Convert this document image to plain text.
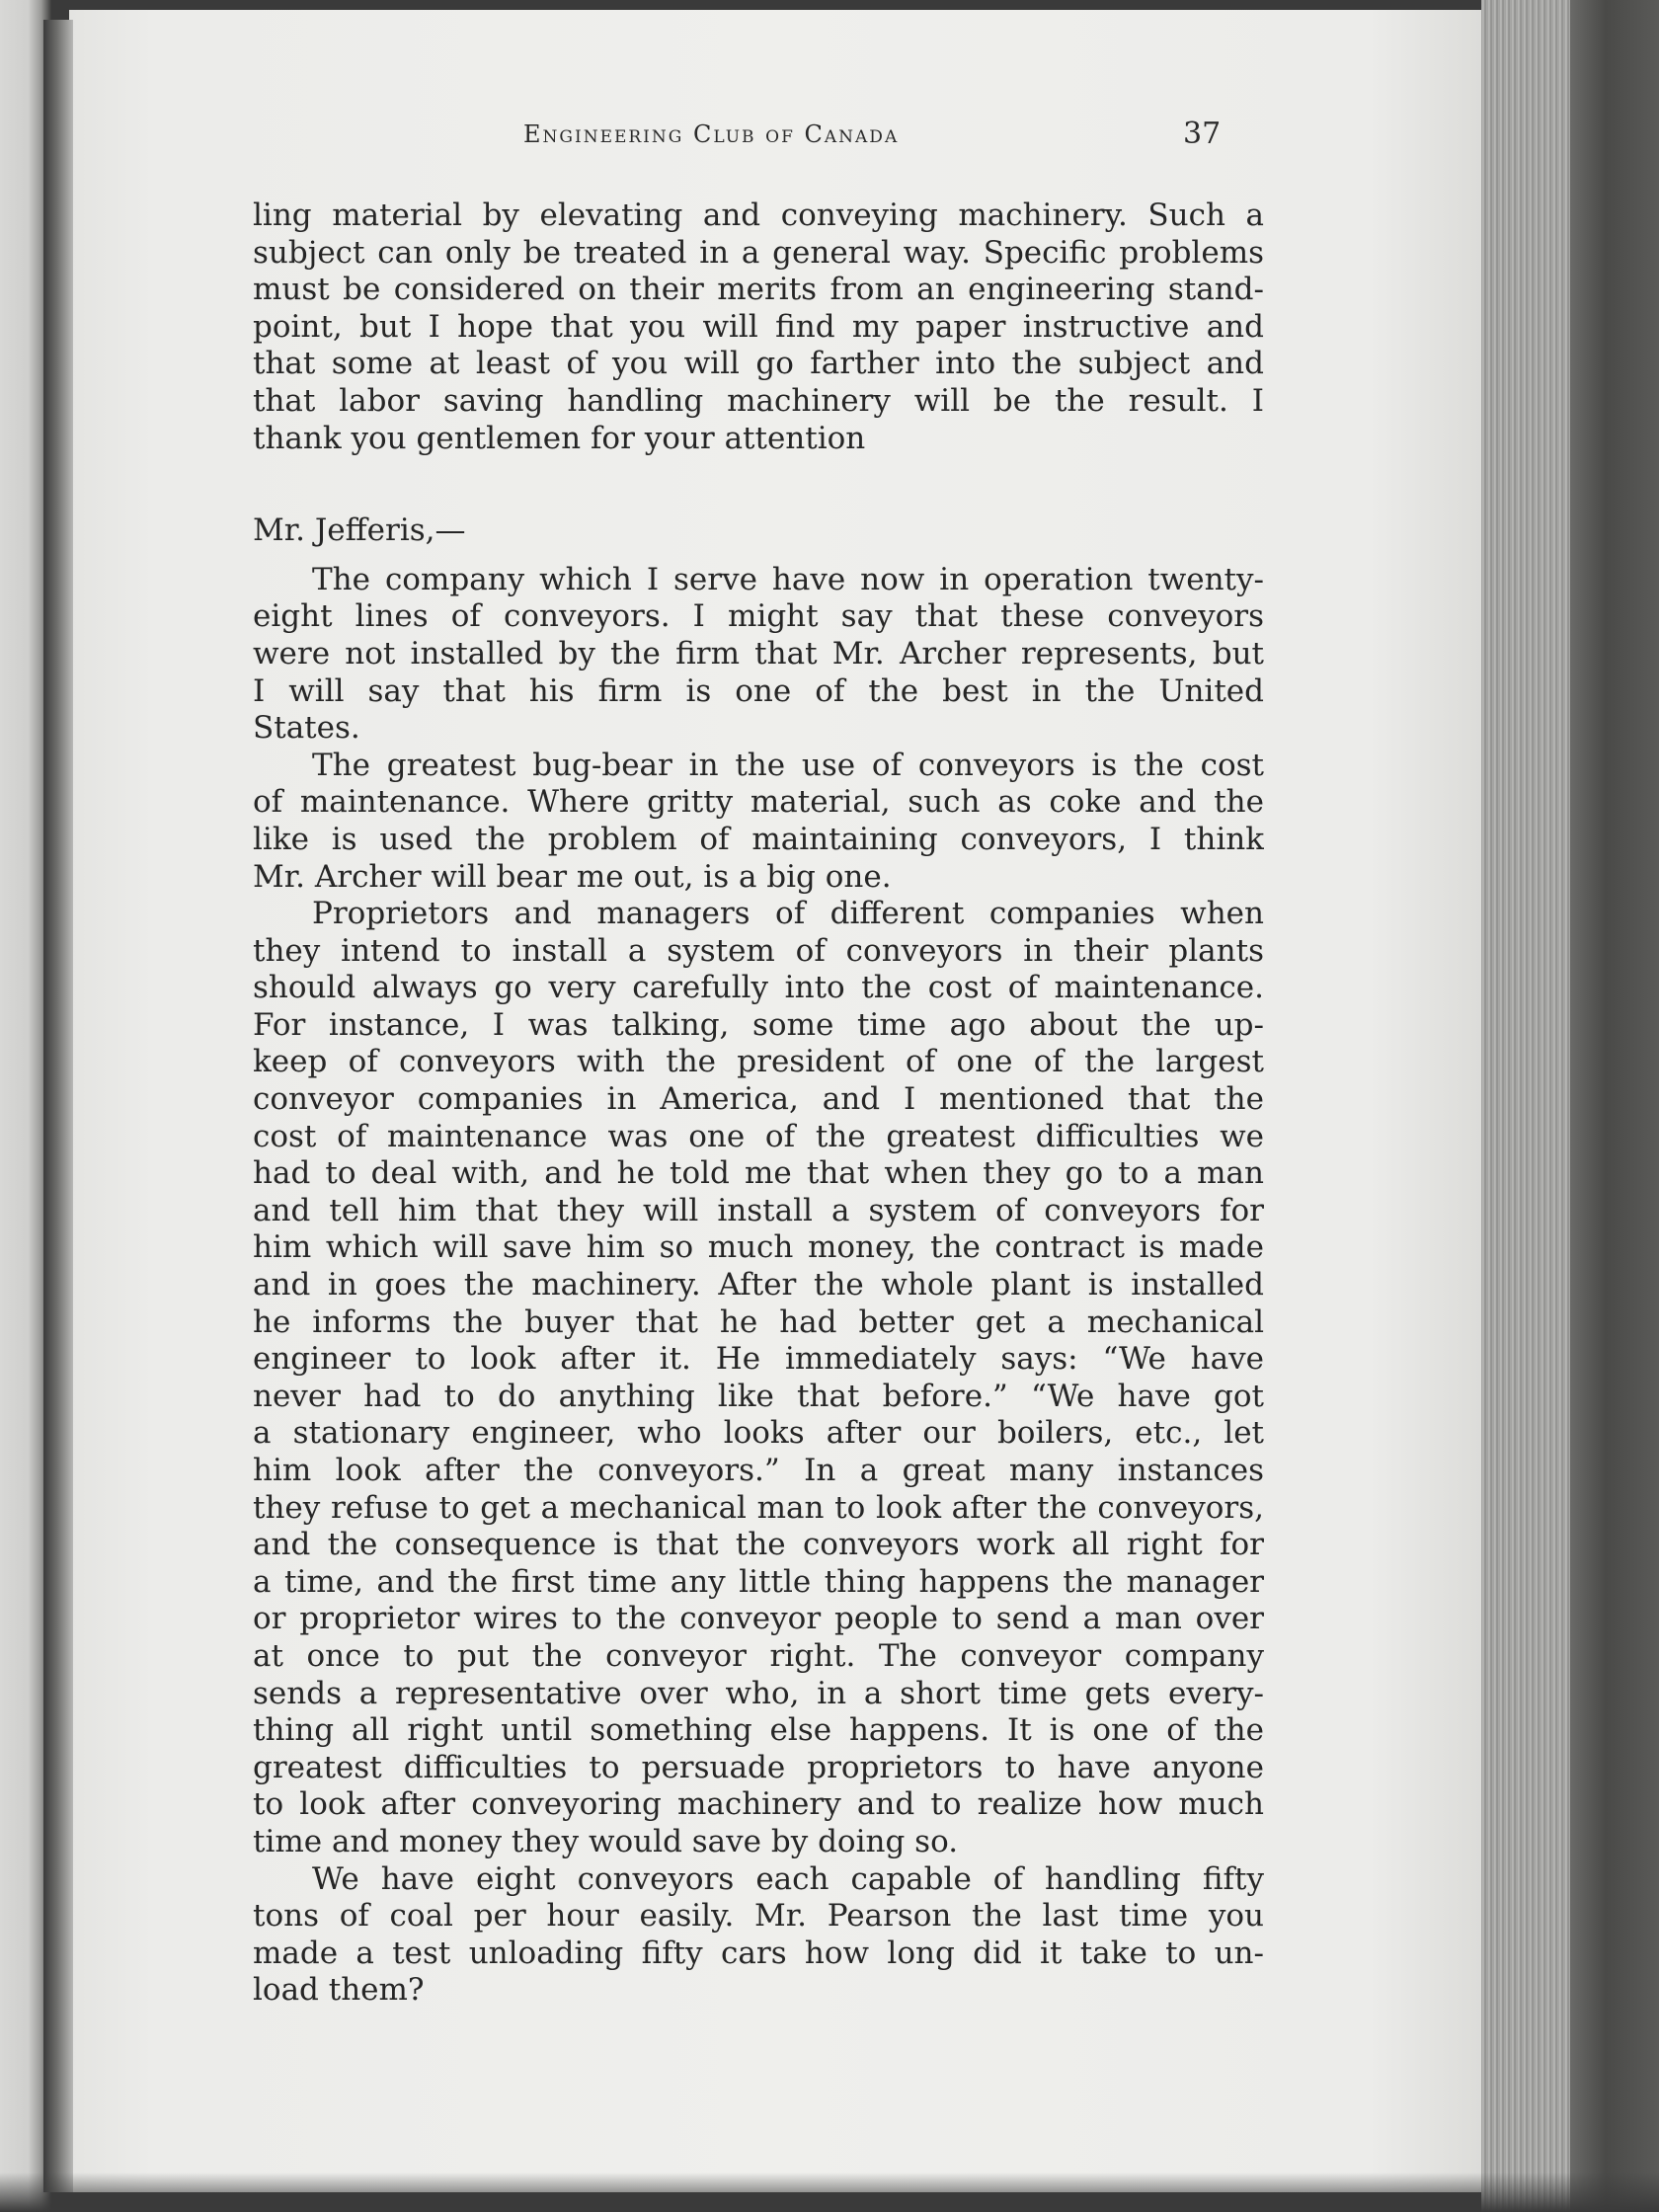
Engineering Club of Canada	37
ling material by elevating and conveying machinery. Such a
subject can only be treated in a general way. Specific problems
must be considered on their merits from an engineering stand-
point, but I hope that you will find my paper instructive and
that some at least of you will go farther into the subject and
that labor saving handling machinery will be the result. I
thank you gentlemen for your attention
Mr. Jefferis,—
The company which I serve have now in operation twenty-
eight lines of conveyors. I might say that these conveyors
were not installed by the firm that Mr. Archer represents, but
I will say that his firm is one of the best in the United
States.
The greatest bug-bear in the use of conveyors is the cost
of maintenance. Where gritty material, such as coke and the
like is used the problem of maintaining conveyors, I think
Mr. Archer will bear me out, is a big one.
Proprietors and managers of different companies when
they intend to install a system of conveyors in their plants
should always go very carefully into the cost of maintenance.
For instance, I was talking, some time ago about the up-
keep of conveyors with the president of one of the largest
conveyor companies in America, and I mentioned that the
cost of maintenance was one of the greatest difficulties we
had to deal with, and he told me that when they go to a man
and tell him that they will install a system of conveyors for
him which will save him so much money, the contract is made
and in goes the machinery. After the whole plant is installed
he informs the buyer that he had better get a mechanical
engineer to look after it. He immediately says: “We have
never had to do anything like that before.” “We have got
a stationary engineer, who looks after our boilers, etc., let
him look after the conveyors.” In a great many instances
they refuse to get a mechanical man to look after the conveyors,
and the consequence is that the conveyors work all right for
a time, and the first time any little thing happens the manager
or proprietor wires to the conveyor people to send a man over
at once to put the conveyor right. The conveyor company
sends a representative over who, in a short time gets every-
thing all right until something else happens. It is one of the
greatest difficulties to persuade proprietors to have anyone
to look after conveyoring machinery and to realize how much
time and money they would save by doing so.
We have eight conveyors each capable of handling fifty
tons of coal per hour easily. Mr. Pearson the last time you
made a test unloading fifty cars how long did it take to un-
load them?
